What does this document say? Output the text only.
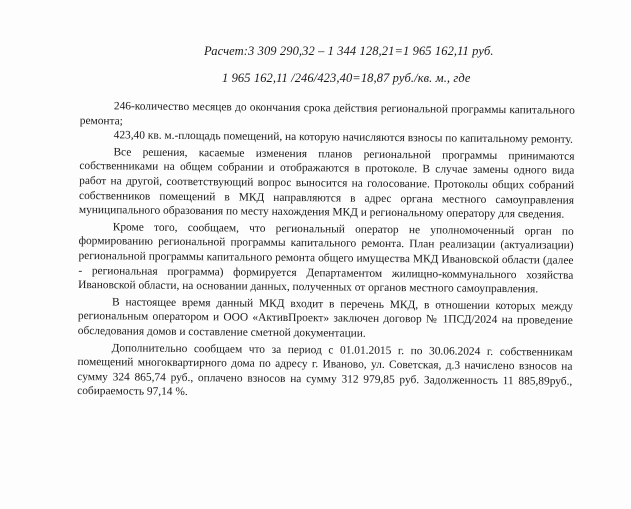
Расчет:3 309 290,32 – 1 344 128,21=1 965 162,11 руб.
1 965 162,11 /246/423,40=18,87 руб./кв. м., где

246-количество месяцев до окончания срока действия региональной программы капитального ремонта;

423,40 кв. м.-площадь помещений, на которую начисляются взносы по капитальному ремонту.

Все решения, касаемые изменения планов региональной программы принимаются собственниками на общем собрании и отображаются в протоколе. В случае замены одного вида работ на другой, соответствующий вопрос выносится на голосование. Протоколы общих собраний собственников помещений в МКД направляются в адрес органа местного самоуправления муниципального образования по месту нахождения МКД и региональному оператору для сведения.

Кроме того, сообщаем, что региональный оператор не уполномоченный орган по формированию региональной программы капитального ремонта. План реализации (актуализации) региональной программы капитального ремонта общего имущества МКД Ивановской области (далее - региональная программа) формируется Департаментом жилищно-коммунального хозяйства Ивановской области, на основании данных, полученных от органов местного самоуправления.

В настоящее время данный МКД входит в перечень МКД, в отношении которых между региональным оператором и ООО «АктивПроект» заключен договор № 1ПСД/2024 на проведение обследования домов и составление сметной документации.

Дополнительно сообщаем что за период с 01.01.2015 г. по 30.06.2024 г. собственникам помещений многоквартирного дома по адресу г. Иваново, ул. Советская, д.3 начислено взносов на сумму 324 865,74 руб., оплачено взносов на сумму 312 979,85 руб. Задолженность 11 885,89руб., собираемость 97,14 %.
